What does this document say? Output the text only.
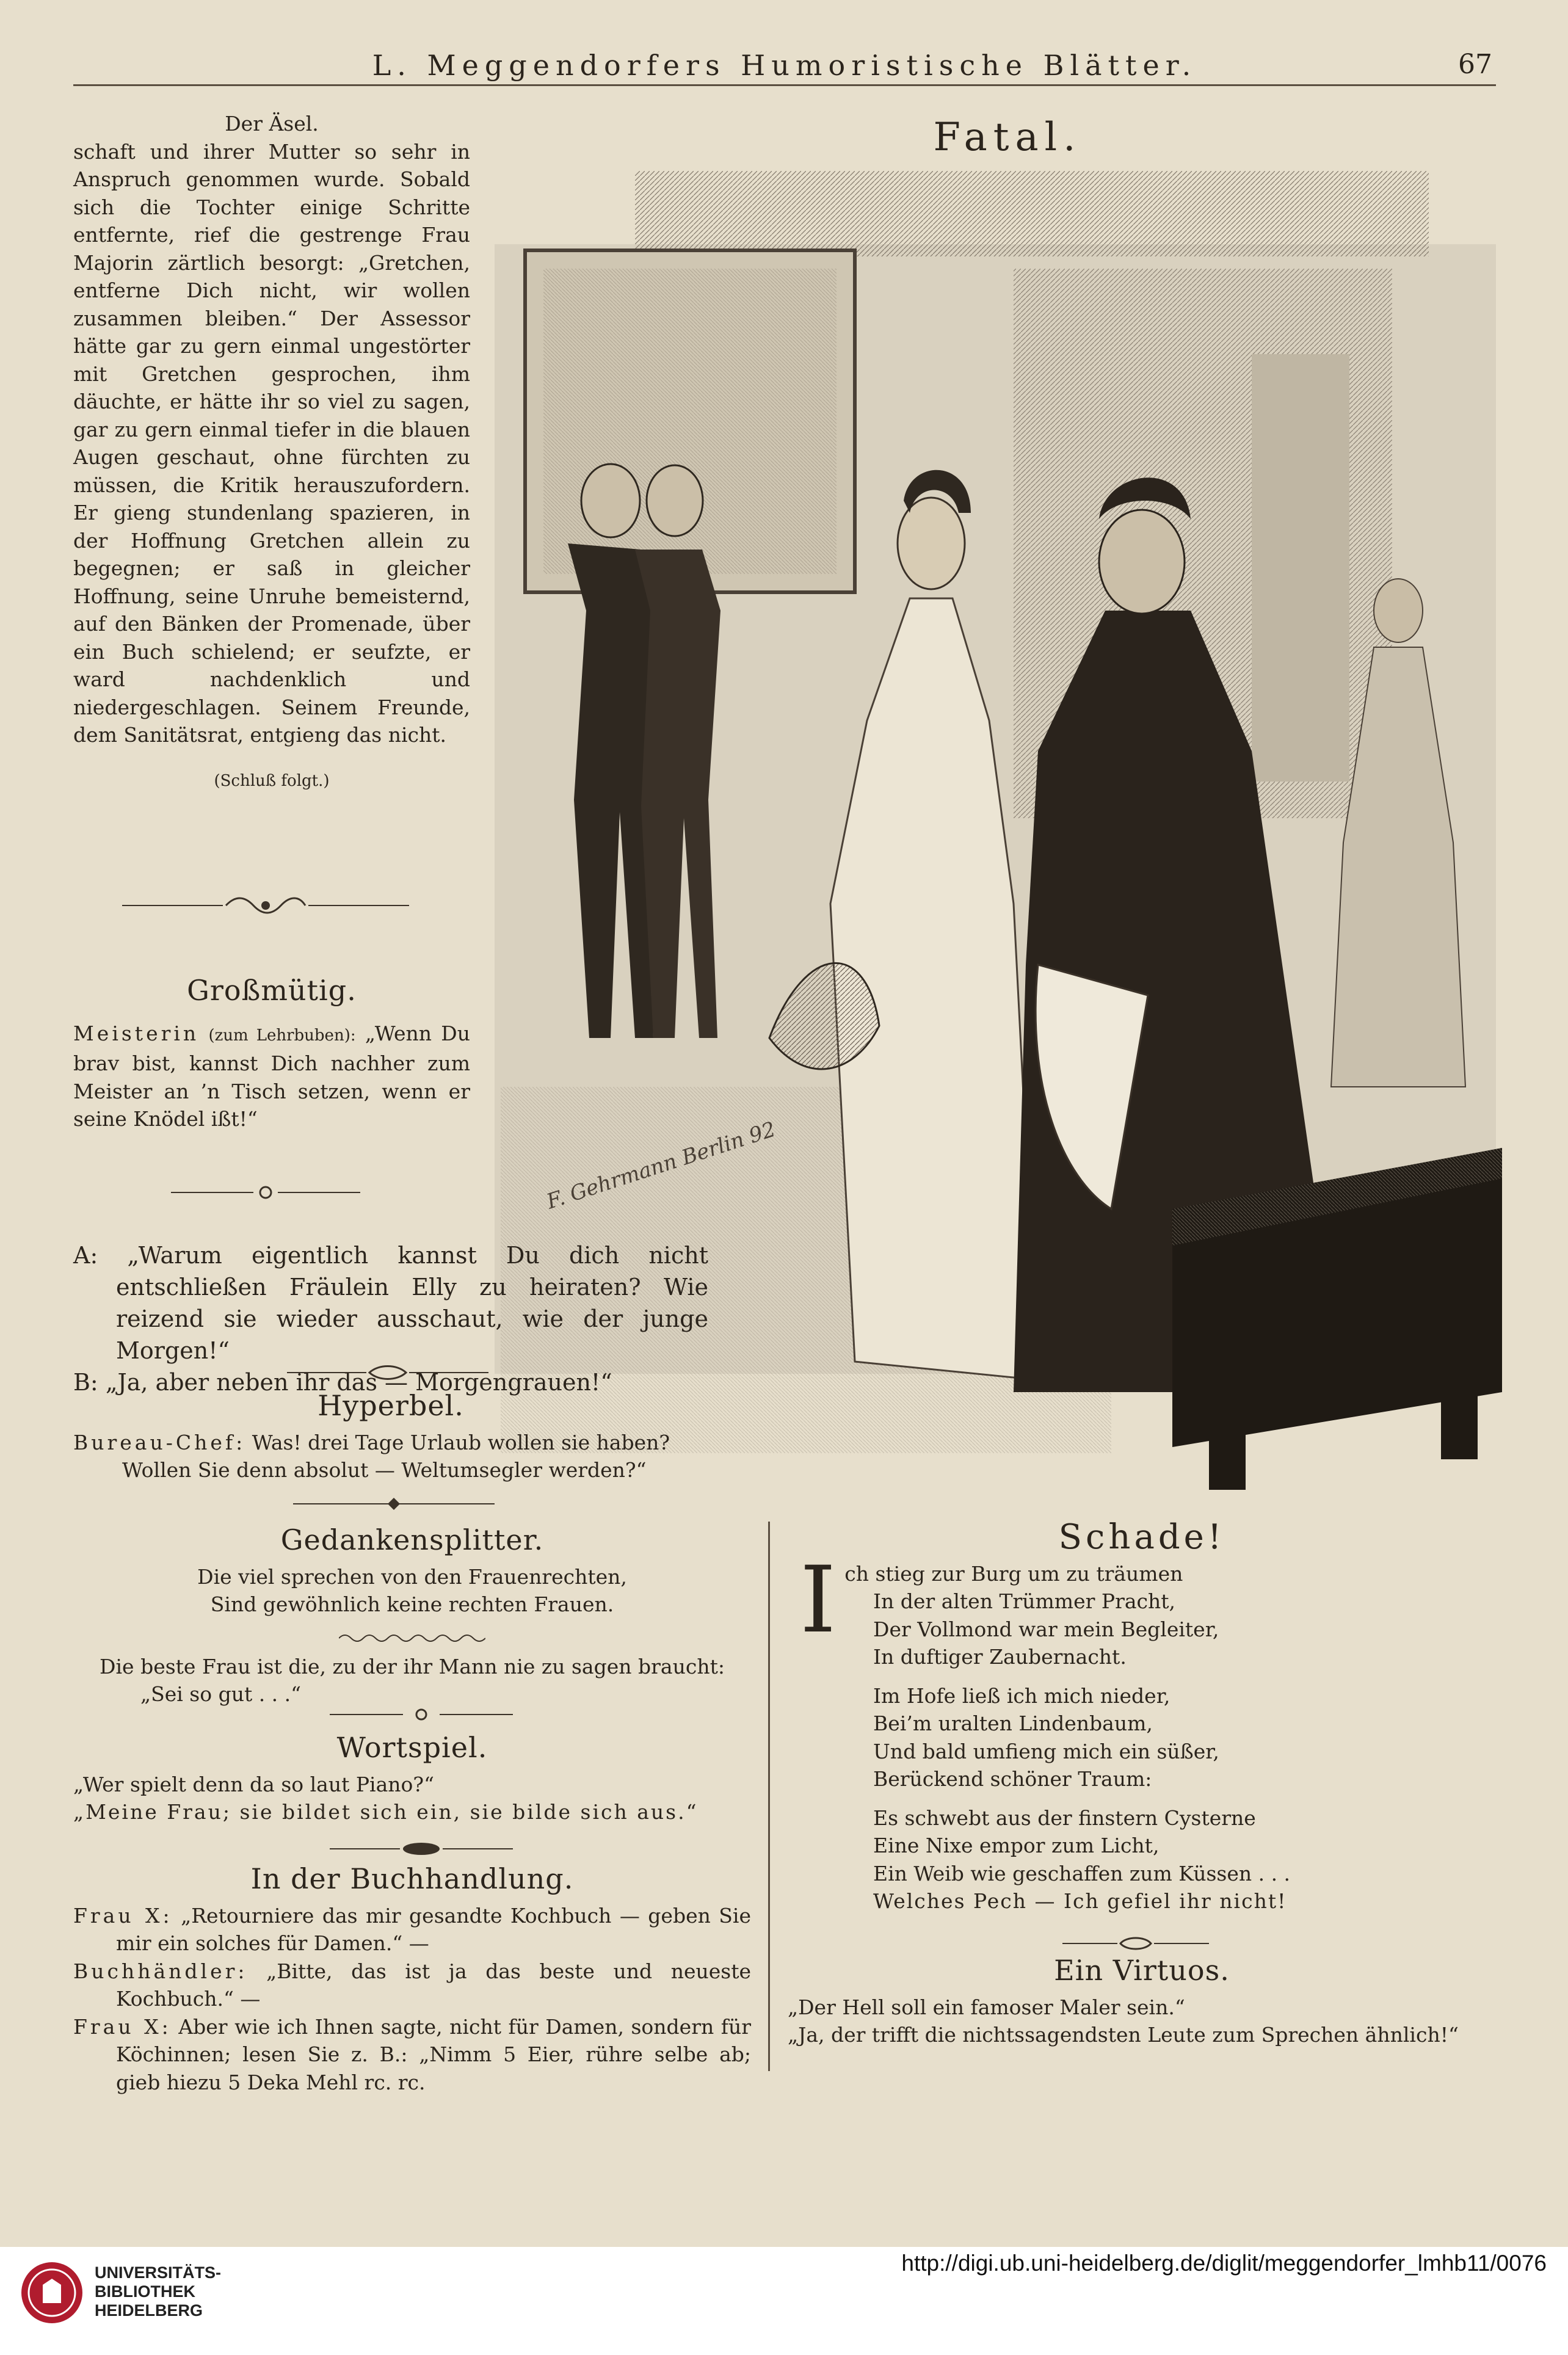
L. Meggendorfers Humoristische Blätter.	67

Der Äsel.

schaft und ihrer Mutter so sehr in Anspruch genommen wurde. Sobald sich die Tochter einige Schritte entfernte, rief die gestrenge Frau Majorin zärtlich besorgt: „Gretchen, entferne Dich nicht, wir wollen zusammen bleiben.“ Der Assessor hätte gar zu gern einmal ungestörter mit Gretchen gesprochen, ihm däuchte, er hätte ihr so viel zu sagen, gar zu gern einmal tiefer in die blauen Augen geschaut, ohne fürchten zu müssen, die Kritik herauszufordern. Er gieng stundenlang spazieren, in der Hoffnung Gretchen allein zu begegnen; er saß in gleicher Hoffnung, seine Unruhe bemeisternd, auf den Bänken der Promenade, über ein Buch schielend; er seufzte, er ward nachdenklich und niedergeschlagen. Seinem Freunde, dem Sanitätsrat, entgieng das nicht.

(Schluß folgt.)

Großmütig.

Meisterin (zum Lehrbuben): „Wenn Du brav bist, kannst Dich nachher zum Meister an ’n Tisch setzen, wenn er seine Knödel ißt!“

Fatal.
F. Gehrmann Berlin 92

A: „Warum eigentlich kannst Du dich nicht entschließen Fräulein Elly zu heiraten? Wie reizend sie wieder ausschaut, wie der junge Morgen!“

B: „Ja, aber neben ihr das — Morgengrauen!“

Hyperbel.

Bureau-Chef: Was! drei Tage Urlaub wollen sie haben?

Wollen Sie denn absolut — Weltumsegler werden?“

Gedankensplitter.

Die viel sprechen von den Frauenrechten,

Sind gewöhnlich keine rechten Frauen.

Die beste Frau ist die, zu der ihr Mann nie zu sagen braucht:

„Sei so gut . . .“

Wortspiel.

„Wer spielt denn da so laut Piano?“

„Meine Frau; sie bildet sich ein, sie bilde sich aus.“

In der Buchhandlung.

Frau X: „Retourniere das mir gesandte Kochbuch — geben Sie mir ein solches für Damen.“ —

Buchhändler: „Bitte, das ist ja das beste und neueste Kochbuch.“ —

Frau X: Aber wie ich Ihnen sagte, nicht für Damen, sondern für Köchinnen; lesen Sie z. B.: „Nimm 5 Eier, rühre selbe ab; gieb hiezu 5 Deka Mehl rc. rc.

Schade!
I ch stieg zur Burg um zu träumen

In der alten Trümmer Pracht,

Der Vollmond war mein Begleiter,

In duftiger Zaubernacht.

Im Hofe ließ ich mich nieder,

Bei’m uralten Lindenbaum,

Und bald umfieng mich ein süßer,

Berückend schöner Traum:

Es schwebt aus der finstern Cysterne

Eine Nixe empor zum Licht,

Ein Weib wie geschaffen zum Küssen . . .

Welches Pech — Ich gefiel ihr nicht!

Ein Virtuos.

„Der Hell soll ein famoser Maler sein.“

„Ja, der trifft die nichtssagendsten Leute zum Sprechen ähnlich!“

UNIVERSITÄTS-
BIBLIOTHEK
HEIDELBERG
http://digi.ub.uni-heidelberg.de/diglit/meggendorfer_lmhb11/0076
